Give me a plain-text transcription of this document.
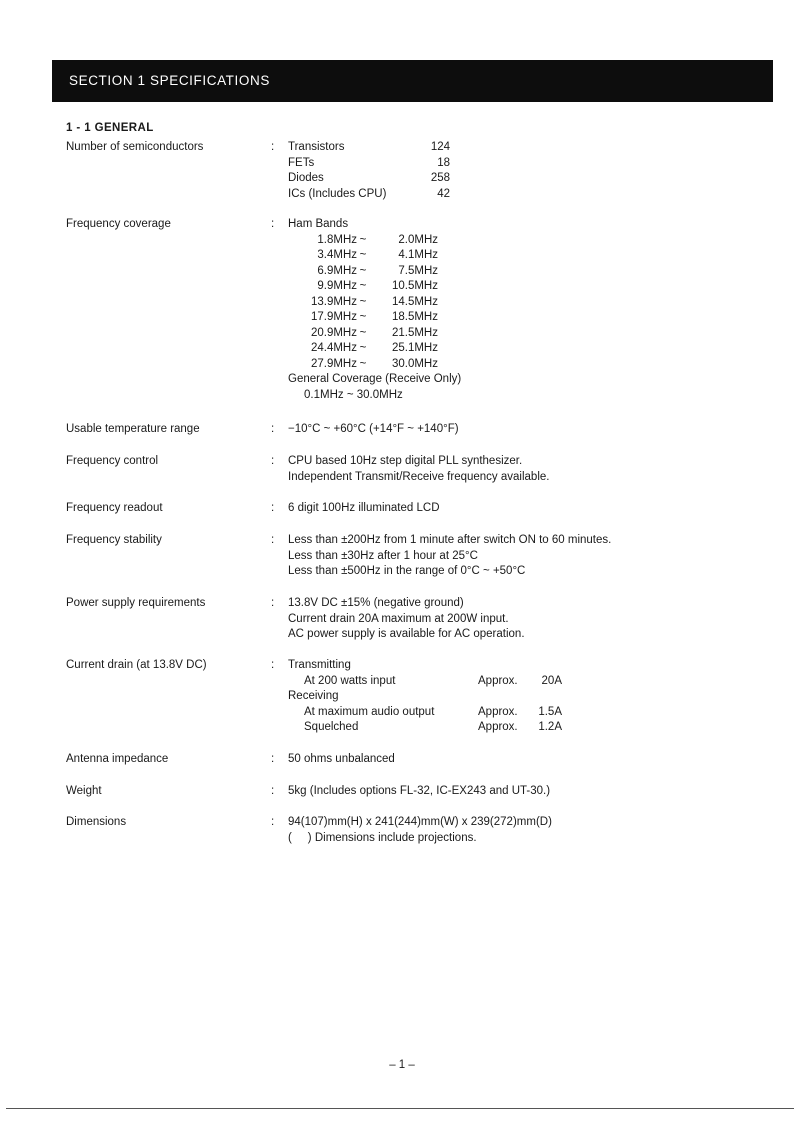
SECTION 1 SPECIFICATIONS
1 - 1 GENERAL
Number of semiconductors	: Transistors	124
FETs	18
Diodes	258
ICs (Includes CPU)	42
Frequency coverage	: Ham Bands
1.8MHz ~	2.0MHz
3.4MHz ~	4.1MHz
6.9MHz ~	7.5MHz
9.9MHz ~ 10.5MHz
13.9MHz ~ 14.5MHz
17.9MHz ~ 18.5MHz
20.9MHz ~ 21.5MHz
24.4MHz ~ 25.1MHz
27.9MHz ~ 30.0MHz
General Coverage (Receive Only)
0.1MHz ~ 30.0MHz
Usable temperature range	: −10°C ~ +60°C (+14°F ~ +140°F)
Frequency control	: CPU based 10Hz step digital PLL synthesizer.
Independent Transmit/Receive frequency available.
Frequency readout	: 6 digit 100Hz illuminated LCD
Frequency stability	: Less than ±200Hz from 1 minute after switch ON to 60 minutes.
Less than ±30Hz after 1 hour at 25°C
Less than ±500Hz in the range of 0°C ~ +50°C
Power supply requirements	: 13.8V DC ±15% (negative ground)
Current drain 20A maximum at 200W input.
AC power supply is available for AC operation.
Current drain (at 13.8V DC)	: Transmitting
At 200 watts input	Approx. 20A
Receiving
At maximum audio output	Approx. 1.5A
Squelched	Approx. 1.2A
Antenna impedance	: 50 ohms unbalanced
Weight	: 5kg (Includes options FL-32, IC-EX243 and UT-30.)
Dimensions	: 94(107)mm(H) x 241(244)mm(W) x 239(272)mm(D)
(     ) Dimensions include projections.
– 1 –
